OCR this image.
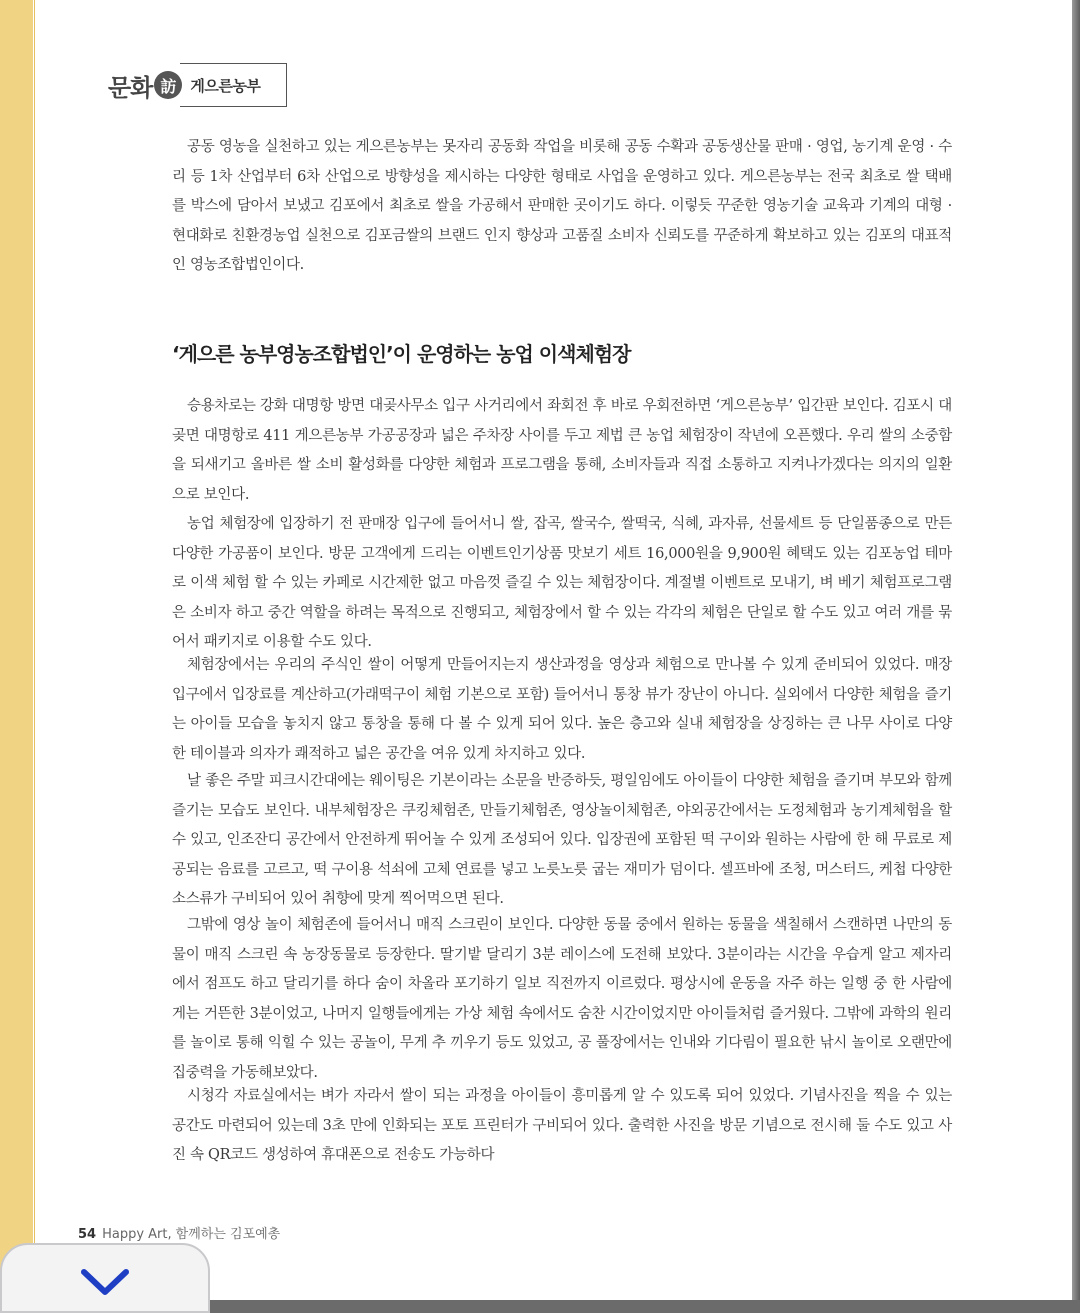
문화 訪 게으른농부

공동 영농을 실천하고 있는 게으른농부는 못자리 공동화 작업을 비롯해 공동 수확과 공동생산물 판매 · 영업, 농기계 운영 · 수리 등 1차 산업부터 6차 산업으로 방향성을 제시하는 다양한 형태로 사업을 운영하고 있다. 게으른농부는 전국 최초로 쌀 택배를 박스에 담아서 보냈고 김포에서 최초로 쌀을 가공해서 판매한 곳이기도 하다. 이렇듯 꾸준한 영농기술 교육과 기계의 대형 · 현대화로 친환경농업 실천으로 김포금쌀의 브랜드 인지 향상과 고품질 소비자 신뢰도를 꾸준하게 확보하고 있는 김포의 대표적인 영농조합법인이다.

‘게으른 농부영농조합법인’이 운영하는 농업 이색체험장

승용차로는 강화 대명항 방면 대곶사무소 입구 사거리에서 좌회전 후 바로 우회전하면 ‘게으른농부’ 입간판 보인다. 김포시 대곶면 대명항로 411 게으른농부 가공공장과 넓은 주차장 사이를 두고 제법 큰 농업 체험장이 작년에 오픈했다. 우리 쌀의 소중함을 되새기고 올바른 쌀 소비 활성화를 다양한 체험과 프로그램을 통해, 소비자들과 직접 소통하고 지켜나가겠다는 의지의 일환으로 보인다.

농업 체험장에 입장하기 전 판매장 입구에 들어서니 쌀, 잡곡, 쌀국수, 쌀떡국, 식혜, 과자류, 선물세트 등 단일품종으로 만든 다양한 가공품이 보인다. 방문 고객에게 드리는 이벤트인기상품 맛보기 세트 16,000원을 9,900원 혜택도 있는 김포농업 테마로 이색 체험 할 수 있는 카페로 시간제한 없고 마음껏 즐길 수 있는 체험장이다. 계절별 이벤트로 모내기, 벼 베기 체험프로그램은 소비자 하고 중간 역할을 하려는 목적으로 진행되고, 체험장에서 할 수 있는 각각의 체험은 단일로 할 수도 있고 여러 개를 묶어서 패키지로 이용할 수도 있다.

체험장에서는 우리의 주식인 쌀이 어떻게 만들어지는지 생산과정을 영상과 체험으로 만나볼 수 있게 준비되어 있었다. 매장 입구에서 입장료를 계산하고(가래떡구이 체험 기본으로 포함) 들어서니 통창 뷰가 장난이 아니다. 실외에서 다양한 체험을 즐기는 아이들 모습을 놓치지 않고 통창을 통해 다 볼 수 있게 되어 있다. 높은 층고와 실내 체험장을 상징하는 큰 나무 사이로 다양한 테이블과 의자가 쾌적하고 넓은 공간을 여유 있게 차지하고 있다.

날 좋은 주말 피크시간대에는 웨이팅은 기본이라는 소문을 반증하듯, 평일임에도 아이들이 다양한 체험을 즐기며 부모와 함께 즐기는 모습도 보인다. 내부체험장은 쿠킹체험존, 만들기체험존, 영상놀이체험존, 야외공간에서는 도정체험과 농기계체험을 할 수 있고, 인조잔디 공간에서 안전하게 뛰어놀 수 있게 조성되어 있다. 입장권에 포함된 떡 구이와 원하는 사람에 한 해 무료로 제공되는 음료를 고르고, 떡 구이용 석쇠에 고체 연료를 넣고 노릇노릇 굽는 재미가 덤이다. 셀프바에 조청, 머스터드, 케첩 다양한 소스류가 구비되어 있어 취향에 맞게 찍어먹으면 된다.

그밖에 영상 놀이 체험존에 들어서니 매직 스크린이 보인다. 다양한 동물 중에서 원하는 동물을 색칠해서 스캔하면 나만의 동물이 매직 스크린 속 농장동물로 등장한다. 딸기밭 달리기 3분 레이스에 도전해 보았다. 3분이라는 시간을 우습게 알고 제자리에서 점프도 하고 달리기를 하다 숨이 차올라 포기하기 일보 직전까지 이르렀다. 평상시에 운동을 자주 하는 일행 중 한 사람에게는 거뜬한 3분이었고, 나머지 일행들에게는 가상 체험 속에서도 숨찬 시간이었지만 아이들처럼 즐거웠다. 그밖에 과학의 원리를 놀이로 통해 익힐 수 있는 공놀이, 무게 추 끼우기 등도 있었고, 공 풀장에서는 인내와 기다림이 필요한 낚시 놀이로 오랜만에 집중력을 가동해보았다.

시청각 자료실에서는 벼가 자라서 쌀이 되는 과정을 아이들이 흥미롭게 알 수 있도록 되어 있었다. 기념사진을 찍을 수 있는 공간도 마련되어 있는데 3초 만에 인화되는 포토 프린터가 구비되어 있다. 출력한 사진을 방문 기념으로 전시해 둘 수도 있고 사진 속 QR코드 생성하여 휴대폰으로 전송도 가능하다

54 Happy Art, 함께하는 김포예총
